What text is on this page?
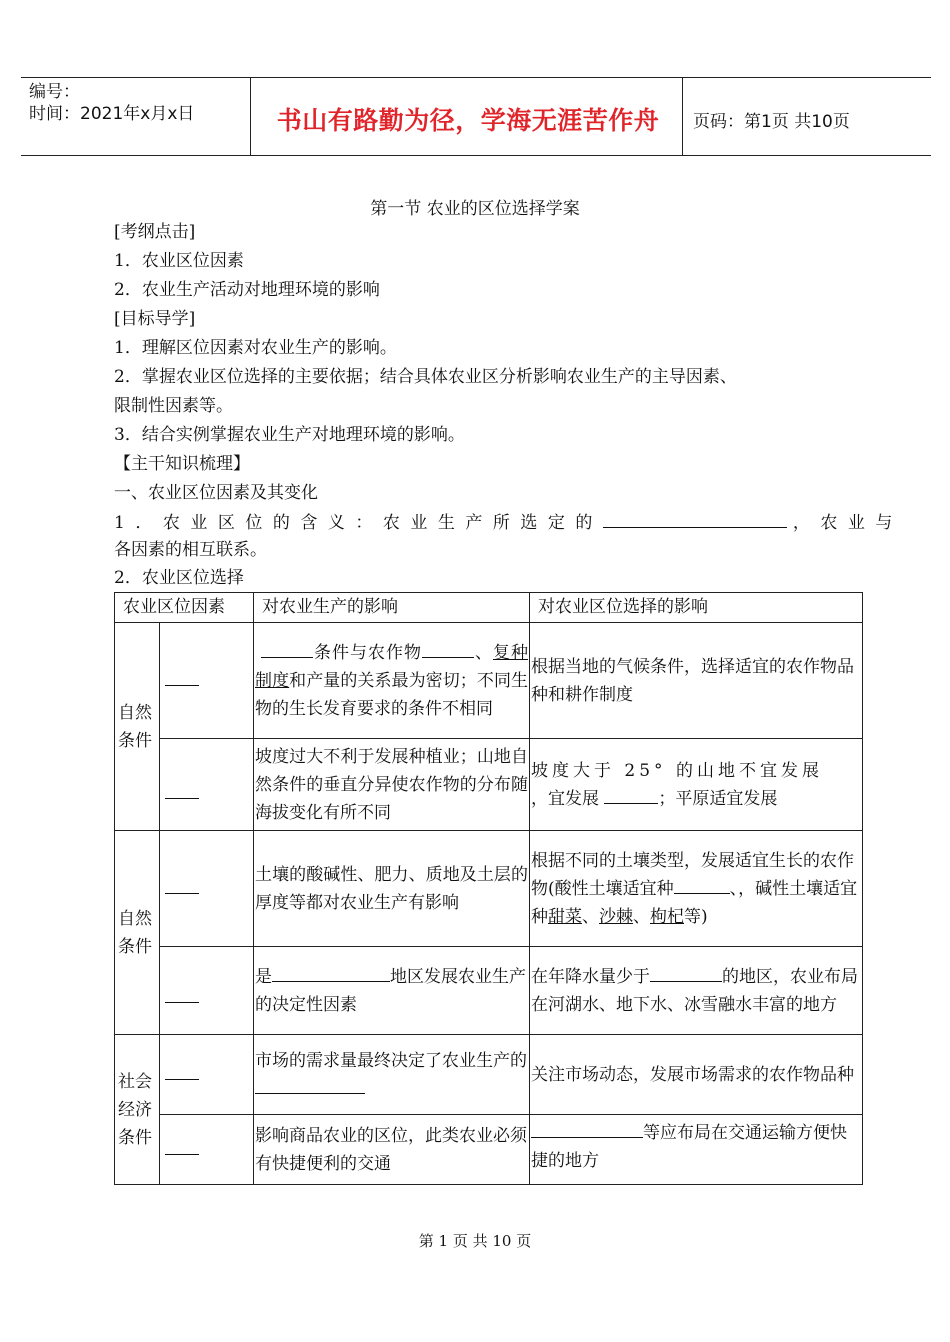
编号：
时间：2021年x月x日	书山有路勤为径，学海无涯苦作舟	页码：第1页 共10页
第一节 农业的区位选择学案
[考纲点击]
1．农业区位因素
2．农业生产活动对地理环境的影响
[目标导学]
1．理解区位因素对农业生产的影响。
2．掌握农业区位选择的主要依据；结合具体农业区分析影响农业生产的主导因素、
限制性因素等。
3．结合实例掌握农业生产对地理环境的影响。
【主干知识梳理】
一、农业区位因素及其变化
1．农业区位的含义：农业生产所选定的	，农业与
各因素的相互联系。
2．农业区位选择
农业区位因素		对农业生产的影响	对农业区位选择的影响
自然条件		条件与农作物 、复种制度和产量的关系最为密切；不同生物的生长发育要求的条件不相同	根据当地的气候条件，选择适宜的农作物品种和耕作制度
		坡度过大不利于发展种植业；山地自然条件的垂直分异使农作物的分布随海拔变化有所不同	坡度大于 25° 的山地不宜发展
，宜发展 ；平原适宜发展
自然条件		土壤的酸碱性、肥力、质地及土层的厚度等都对农业生产有影响	根据不同的土壤类型，发展适宜生长的农作物(酸性土壤适宜种 、，碱性土壤适宜种甜菜、沙棘、枸杞等)
		是 地区发展农业生产的决定性因素	在年降水量少于 的地区，农业布局在河湖水、地下水、冰雪融水丰富的地方
社会经济条件		市场的需求量最终决定了农业生产的	关注市场动态，发展市场需求的农作物品种
		影响商品农业的区位，此类农业必须有快捷便利的交通	等应布局在交通运输方便快捷的地方
第 1 页 共 10 页
